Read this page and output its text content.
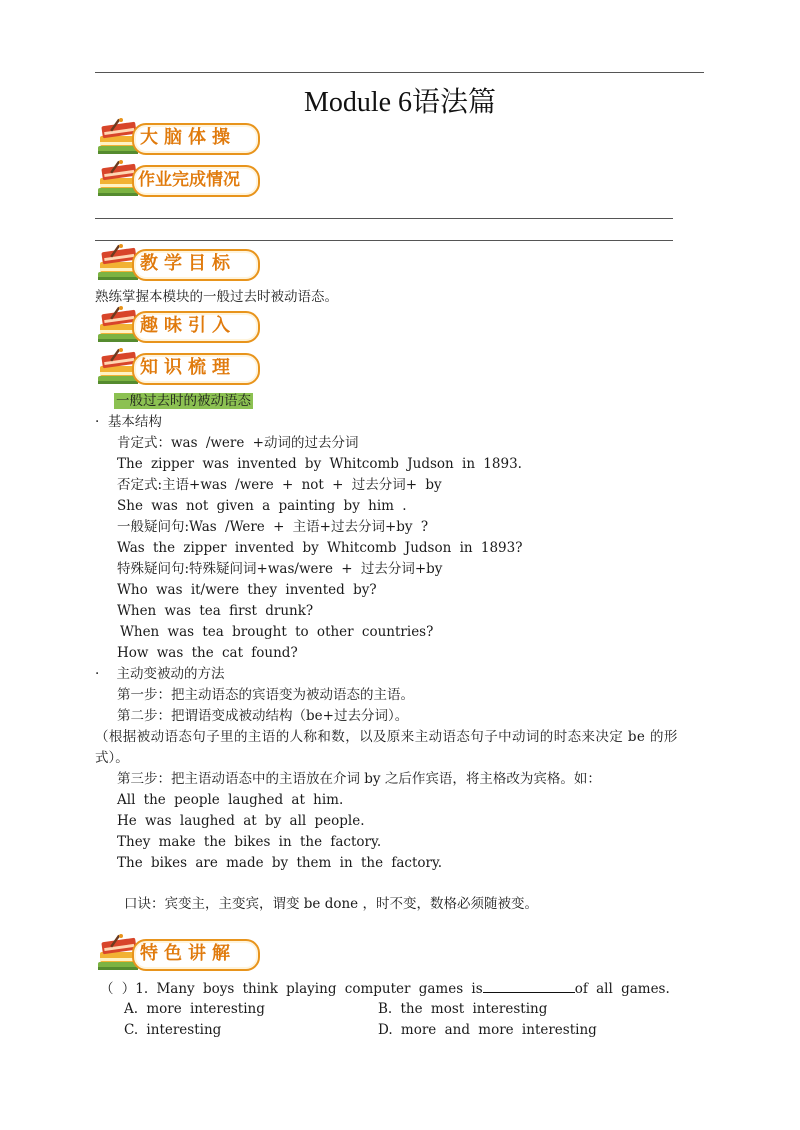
Module 6语法篇
大脑体操
作业完成情况
教学目标
熟练掌握本模块的一般过去时被动语态。
趣味引入
知识梳理
一般过去时的被动语态
·  基本结构
肯定式：was /were +动词的过去分词
The zipper was invented by Whitcomb Judson in 1893.
否定式:主语+was /were + not + 过去分词+ by
She was not given a painting by him .
一般疑问句:Was /Were + 主语+过去分词+by ?
Was the zipper invented by Whitcomb Judson in 1893?
特殊疑问句:特殊疑问词+was/were + 过去分词+by
Who was it/were they invented by?
When was tea first drunk?
When was tea brought to other countries?
How was the cat found?
·    主动变被动的方法
第一步：把主动语态的宾语变为被动语态的主语。
第二步：把谓语变成被动结构（be+过去分词）。
（根据被动语态句子里的主语的人称和数，以及原来主动语态句子中动词的时态来决定 be 的形
式）。
第三步：把主语动语态中的主语放在介词 by 之后作宾语，将主格改为宾格。如：
All the people laughed at him.
He was laughed at by all people.
They make the bikes in the factory.
The bikes are made by them in the factory.
口诀：宾变主，主变宾，谓变 be done ，时不变，数格必须随被变。
特色讲解
（ ）1. Many boys think playing computer games is	of all games.
A. more interesting	B. the most interesting
C. interesting	D. more and more interesting
